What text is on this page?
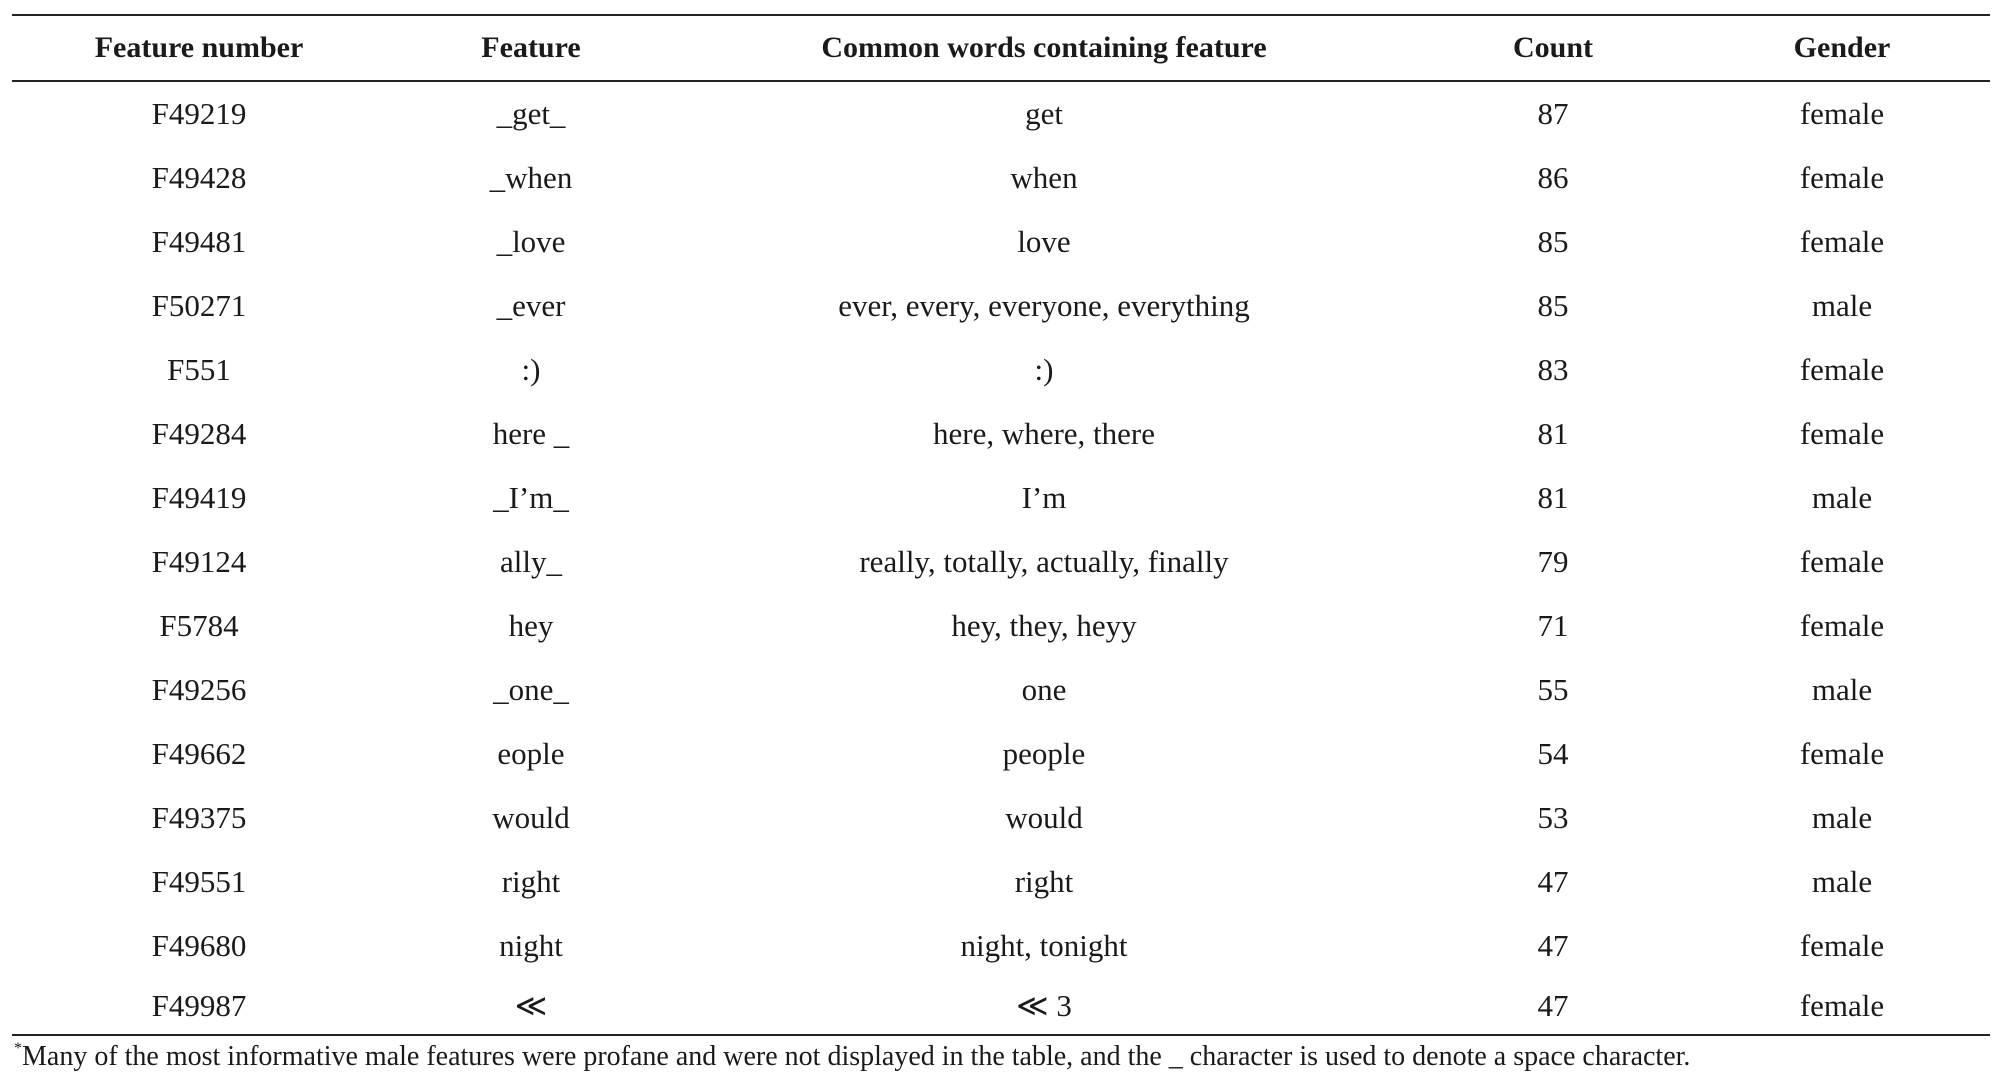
Feature number	Feature	Common words containing feature	Count	Gender
F49219	_get_	get	87	female
F49428	_when	when	86	female
F49481	_love	love	85	female
F50271	_ever	ever, every, everyone, everything	85	male
F551	:)	:)	83	female
F49284	here _	here, where, there	81	female
F49419	_I’m_	I’m	81	male
F49124	ally_	really, totally, actually, finally	79	female
F5784	hey	hey, they, heyy	71	female
F49256	_one_	one	55	male
F49662	eople	people	54	female
F49375	would	would	53	male
F49551	right	right	47	male
F49680	night	night, tonight	47	female
F49987	≪	≪ 3	47	female
*Many of the most informative male features were profane and were not displayed in the table, and the _ character is used to denote a space character.
